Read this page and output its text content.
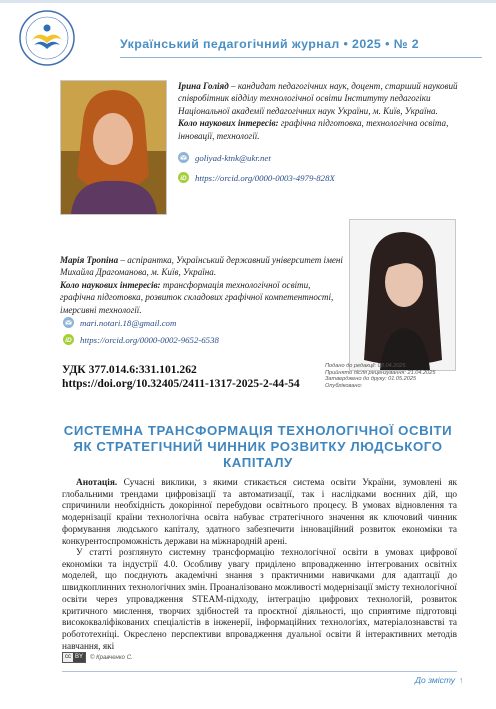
Український педагогічний журнал • 2025 • № 2
Ірина Голіяд – кандидат педагогічних наук, доцент, старший науковий співробітник відділу технологічної освіти Інституту педагогіки Національної академії педагогічних наук України, м. Київ, Україна.
Коло наукових інтересів: графічна підготовка, технологічна освіта, інновації, технології.
goliyad-ktnk@ukr.net
iD https://orcid.org/0000-0003-4979-828X
Марія Тропіна – аспірантка, Український державний університет імені Михайла Драгоманова, м. Київ, Україна.
Коло наукових інтересів: трансформація технологічної освіти, графічна підготовка, розвиток складових графічної компетентності, імерсивні технології.
mari.notari.18@gmail.com
iD https://orcid.org/0000-0002-9652-6538
УДК 377.014.6:331.101.262
https://doi.org/10.32405/2411-1317-2025-2-44-54
Подано до редакції: 08.04.2025
Прийнято після рецензування: 21.04.2025
Затверджено до друку: 01.05.2025
Опубліковано:
СИСТЕМНА ТРАНСФОРМАЦІЯ ТЕХНОЛОГІЧНОЇ ОСВІТИ ЯК СТРАТЕГІЧНИЙ ЧИННИК РОЗВИТКУ ЛЮДСЬКОГО КАПІТАЛУ
Анотація. Сучасні виклики, з якими стикається система освіти України, зумовлені як глобальними трендами цифровізації та автоматизації, так і наслідками воєнних дій, що спричинили необхідність докорінної перебудови освітнього процесу. В умовах відновлення та модернізації країни технологічна освіта набуває стратегічного значення як ключовий чинник формування людського капіталу, здатного забезпечити інноваційний розвиток економіки та конкурентоспроможність держави на міжнародній арені.
У статті розглянуто системну трансформацію технологічної освіти в умовах цифрової економіки та індустрії 4.0. Особливу увагу приділено впровадженню інтегрованих освітніх моделей, що поєднують академічні знання з практичними навичками для адаптації до швидкоплинних технологічних змін. Проаналізовано можливості модернізації змісту технологічної освіти через упровадження STEAM-підходу, інтеграцію цифрових технологій, розвиток критичного мислення, творчих здібностей та проєктної діяльності, що сприятиме підготовці висококваліфікованих спеціалістів в інженерії, інформаційних технологіях, матеріалознавстві та робототехніці. Окреслено перспективи впровадження дуальної освіти й інтерактивних методів навчання, які
cc BY	© Кравченко С.
До змісту ↑
